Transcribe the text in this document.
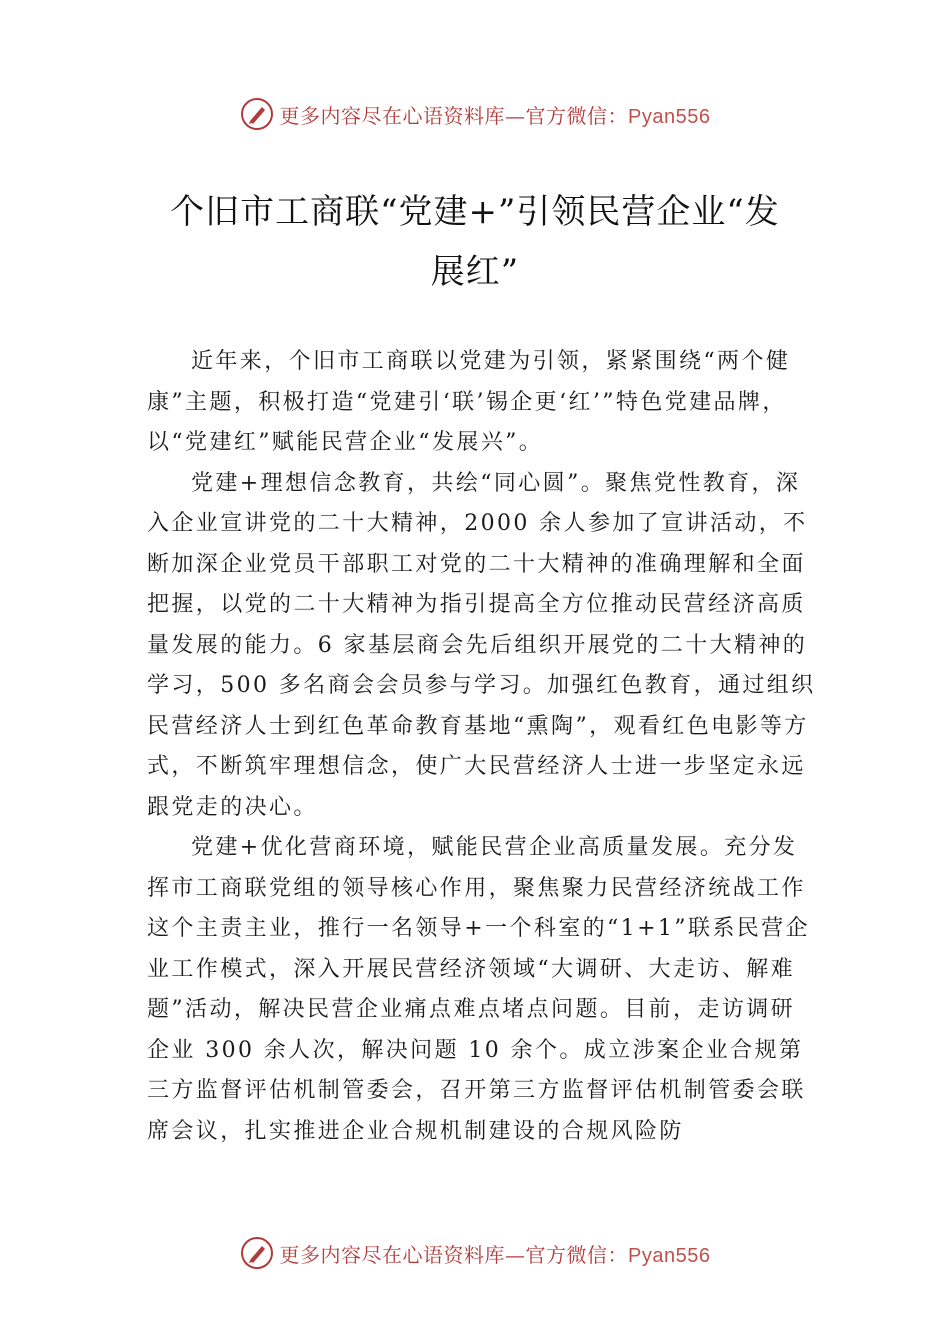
更多内容尽在心语资料库—官方微信：Pyan556
个旧市工商联“党建+”引领民营企业“发
展红”

近年来，个旧市工商联以党建为引领，紧紧围绕“两个健康”主题，积极打造“党建引‘联’锡企更‘红’”特色党建品牌，以“党建红”赋能民营企业“发展兴”。

党建+理想信念教育，共绘“同心圆”。聚焦党性教育，深入企业宣讲党的二十大精神，2000 余人参加了宣讲活动，不断加深企业党员干部职工对党的二十大精神的准确理解和全面把握，以党的二十大精神为指引提高全方位推动民营经济高质量发展的能力。6 家基层商会先后组织开展党的二十大精神的学习，500 多名商会会员参与学习。加强红色教育，通过组织民营经济人士到红色革命教育基地“熏陶”，观看红色电影等方式，不断筑牢理想信念，使广大民营经济人士进一步坚定永远跟党走的决心。

党建+优化营商环境，赋能民营企业高质量发展。充分发挥市工商联党组的领导核心作用，聚焦聚力民营经济统战工作这个主责主业，推行一名领导+一个科室的“1+1”联系民营企业工作模式，深入开展民营经济领域“大调研、大走访、解难题”活动，解决民营企业痛点难点堵点问题。目前，走访调研企业 300 余人次，解决问题 10 余个。成立涉案企业合规第三方监督评估机制管委会，召开第三方监督评估机制管委会联席会议，扎实推进企业合规机制建设的合规风险防

更多内容尽在心语资料库—官方微信：Pyan556
